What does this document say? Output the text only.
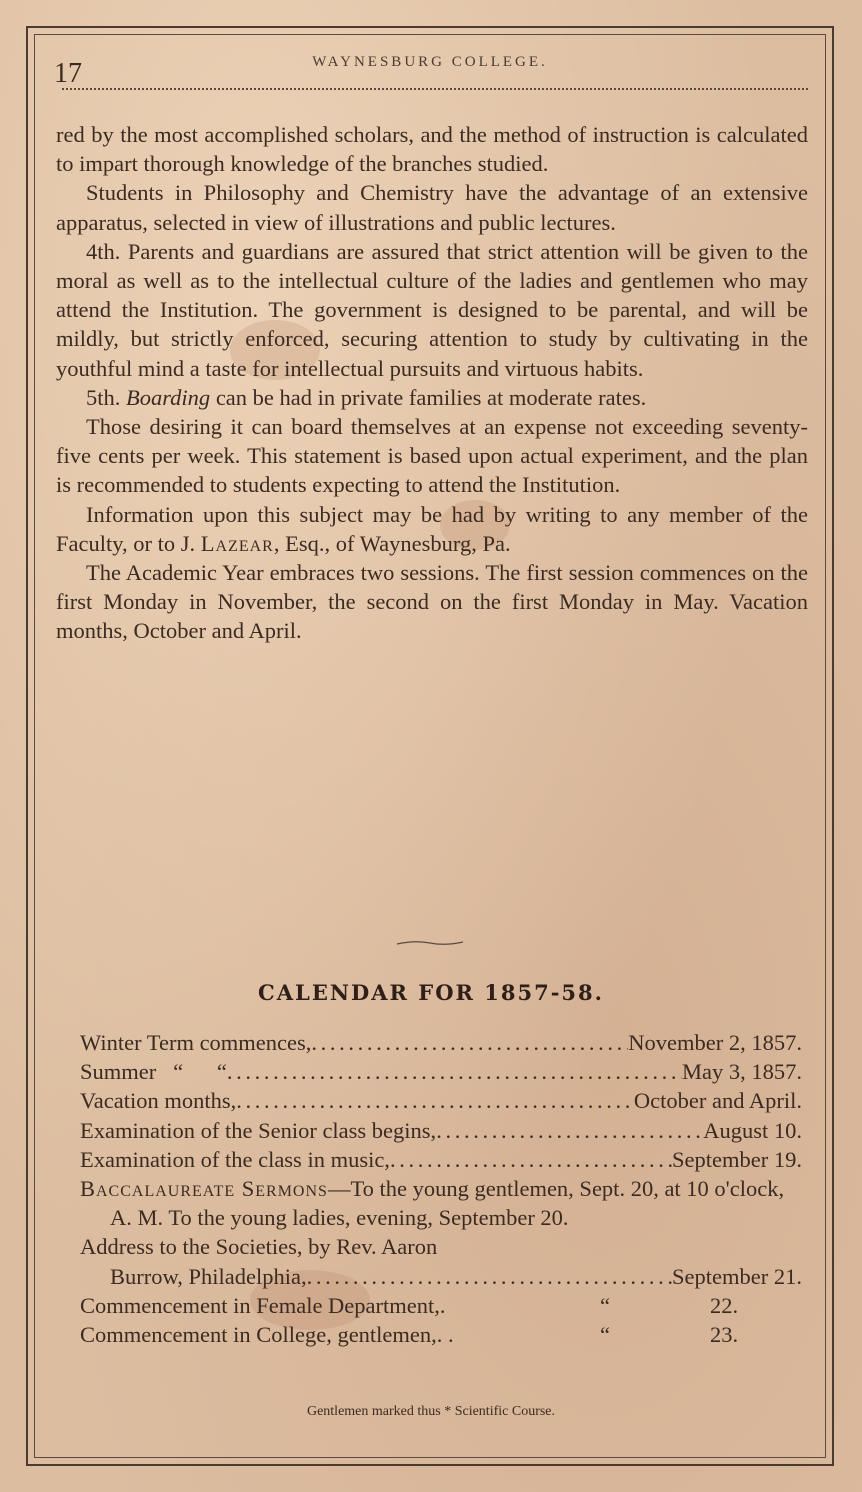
17	WAYNESBURG COLLEGE.

red by the most accomplished scholars, and the method of instruction is calculated to impart thorough knowledge of the branches studied.

Students in Philosophy and Chemistry have the advantage of an extensive apparatus, selected in view of illustrations and public lectures.

4th. Parents and guardians are assured that strict attention will be given to the moral as well as to the intellectual culture of the ladies and gentlemen who may attend the Institution. The government is designed to be parental, and will be mildly, but strictly enforced, securing attention to study by cultivating in the youthful mind a taste for intellectual pursuits and virtuous habits.

5th. Boarding can be had in private families at moderate rates.

Those desiring it can board themselves at an expense not exceeding seventy-five cents per week. This statement is based upon actual experiment, and the plan is recommended to students expecting to attend the Institution.

Information upon this subject may be had by writing to any member of the Faculty, or to J. Lazear, Esq., of Waynesburg, Pa.

The Academic Year embraces two sessions. The first session commences on the first Monday in November, the second on the first Monday in May. Vacation months, October and April.

CALENDAR FOR 1857-58.
Winter Term commences, . . .	November 2, 1857.
Summer   “      “ . . .	May 3, 1857.
Vacation months, . . .	October and April.
Examination of the Senior class begins, . . .	August 10.
Examination of the class in music, . . .	September 19.
Baccalaureate Sermons—To the young gentlemen, Sept. 20, at 10 o'clock, A. M. To the young ladies, evening, September 20.
Address to the Societies, by Rev. Aaron
Burrow, Philadelphia, . . .	September 21.
Commencement in Female Department,.	“	22.
Commencement in College, gentlemen,. .	“	23.
Gentlemen marked thus * Scientific Course.
